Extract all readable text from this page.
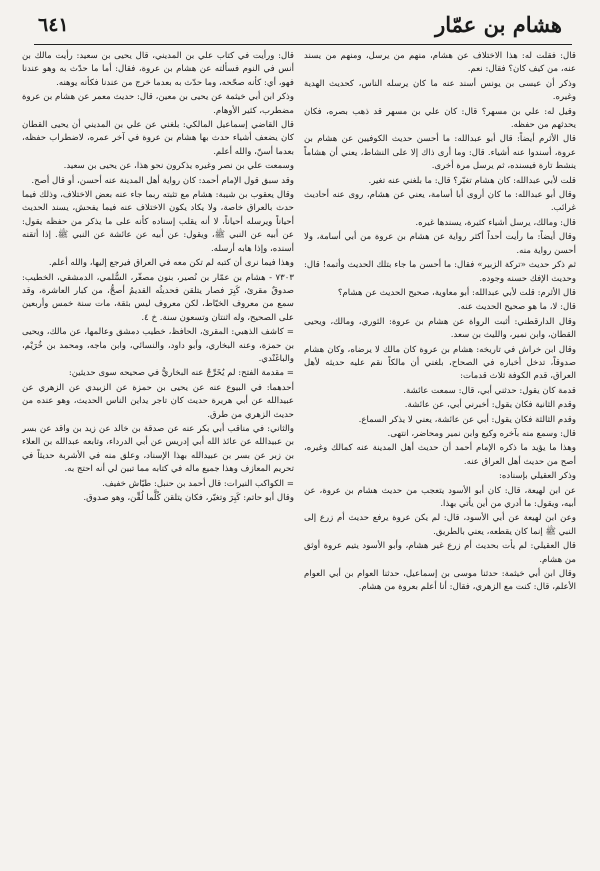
هشام بن عمّار
٦٤١

قال: فقلت له: هذا الاختلاف عن هشام، منهم من يرسل، ومنهم من يسند عنه، من كيف كان؟ فقال: نعم.

وذكر أن عيسى بن يونس أسند عنه ما كان يرسله الناس، كحديث الهدية وغيره.

وقيل له: علي بن مسهر؟ قال: كان علي بن مسهر قد ذهب بصره، فكان يحدثهم من حفظه.

قال الأثرم أيضاً: قال أبو عبدالله: ما أحسن حديث الكوفيين عن هشام بن عروة، أسندوا عنه أشياء. قال: وما أرى ذاك إلا على النشاط، يعني أن هشاماً ينشط تارة فيسنده، ثم يرسل مرة أخرى.

قلت لأبي عبدالله: كان هشام تغيّر؟ قال: ما بلغني عنه تغير.

وقال أبو عبدالله: ما كان أروى أبا أسامة، يعني عن هشام، روى عنه أحاديث غرائب.

قال: ومالك، يرسل أشياء كثيرة، يسندها غيره.

وقال أيضاً: ما رأيت أحداً أكثر رواية عن هشام بن عروة من أبي أسامة، ولا أحسن رواية منه.

ثم ذكر حديث «تركة الزبير» فقال: ما أحسن ما جاء بتلك الحديث وأتمه! قال: وحديث الإفك حسنه وجوده.

قال الأثرم: قلت لأبي عبدالله: أبو معاوية، صحيح الحديث عن هشام؟

قال: لا، ما هو صحيح الحديث عنه.

وقال الدارقطني: أثبت الرواة عن هشام بن عروة: الثوري، ومالك، ويحيى القطان، وابن نمير، والليث بن سعد.

وقال ابن خراش في تاريخه: هشام بن عروة كان مالك لا يرضاه، وكان هشام صدوقاً، تدخل أخباره في الصحاح، بلغني أن مالكاً نقم عليه حديثه لأهل العراق، قدم الكوفة ثلاث قدمات:

قدمة كان يقول: حدثني أبي، قال: سمعت عائشة.

وقدم الثانية فكان يقول: أخبرني أبي، عن عائشة.

وقدم الثالثة فكان يقول: أبي عن عائشة، يعني لا يذكر السماع.

قال: وسمع منه بآخره وكيع وابن نمير ومحاضر، انتهى.

وهذا ما يؤيد ما ذكره الإمام أحمد أن حديث أهل المدينة عنه كمالك وغيره، أصح من حديث أهل العراق عنه.

وذكر العقيلي بإسناده:

عن ابن لهيعة، قال: كان أبو الأسود يتعجب من حديث هشام بن عروة، عن أبيه، ويقول: ما أدري من أين يأتي بهذا.

وعن ابن لهيعة عن أبي الأسود، قال: لم يكن عروة يرفع حديث أم زرع إلى النبي ﷺ إنما كان يقطعه، يعني بالطريق.

قال العقيلي: لم يأت بحديث أم زرع غير هشام، وأبو الأسود يتيم عروة أوثق من هشام.

وقال ابن أبي خيثمة: حدثنا موسى بن إسماعيل، حدثنا العوام بن أبي العوام الأعلم، قال: كنت مع الزهري، فقال: أنا أعلم بعروة من هشام.

قال: ورأيت في كتاب علي بن المديني، قال يحيى بن سعيد: رأيت مالك بن أنس في النوم فسألته عن هشام بن عروة، فقال: أما ما حدّث به وهو عندنا فهو، أي: كأنه صحّحه، وما حدّث به بعدما خرج من عندنا فكأنه يوهنه.

وذكر ابن أبي خيثمة عن يحيى بن معين، قال: حديث معمر عن هشام بن عروة مضطرب، كثير الأوهام.

قال القاضي إسماعيل المالكي: بلغني عن علي بن المديني أن يحيى القطان كان يضعف أشياء حدث بها هشام بن عروة في آخر عمره، لاضطراب حفظه، بعدما أسنّ، والله أعلم.

وسمعت علي بن نصر وغيره يذكرون نحو هذا، عن يحيى بن سعيد.

وقد سبق قول الإمام أحمد: كان رواية أهل المدينة عنه أحسن، أو قال أصح.

وقال يعقوب بن شيبة: هشام مع تثبته ربما جاء عنه بعض الاختلاف، وذلك فيما حدث بالعراق خاصة، ولا يكاد يكون الاختلاف عنه فيما يفحش، يسند الحديث أحياناً ويرسله أحياناً، لا أنه يقلب إسناده كأنه على ما يذكر من حفظه يقول: عن أبيه عن النبي ﷺ، ويقول: عن أبيه عن عائشة عن النبي ﷺ. إذا أتقنه أسنده، وإذا هابه أرسله.

وهذا فيما نرى أن كتبه لم تكن معه في العراق فيرجع إليها، والله أعلم.

٧٣٠٣ - هشام بن عمّار بن نُصير، بنون مصغّر، السُّلمي، الدمشقي، الخطيب: صدوقٌ مقرئ، كَبِرَ فصار يتلقن فحديثُه القديمُ أصحُّ، من كبار العاشرة، وقد سمع من معروف الخيّاط، لكن معروف ليس بثقة، مات سنة خمس وأربعين على الصحيح، وله اثنتان وتسعون سنة. خ ٤.

= كاشف الذهبي: المقرئ، الحافظ، خطيب دمشق وعالمها، عن مالك، ويحيى بن حمزة، وعنه البخاري، وأبو داود، والنسائي، وابن ماجه، ومحمد بن خُرَيْم، والباغَنْدي.

= مقدمة الفتح: لم يُخَرِّجْ عنه البخاريُّ في صحيحه سوى حديثين:

أحدهما: في البيوع عنه عن يحيى بن حمزة عن الزبيدي عن الزهري عن عبيدالله عن أبي هريرة حديث كان تاجر يداين الناس الحديث، وهو عنده من حديث الزهري من طرق.

والثاني: في مناقب أبي بكر عنه عن صدقة بن خالد عن زيد بن واقد عن بسر بن عبيدالله عن عائذ الله أبي إدريس عن أبي الدرداء، وتابعه عبدالله بن العلاء بن زبر عن بسر بن عبيدالله بهذا الإسناد، وعلق منه في الأشربة حديثاً في تحريم المعازف وهذا جميع ماله في كتابه مما تبين لي أنه احتج به.

= الكواكب النيرات: قال أحمد بن حنبل: طيّاش خفيف.

وقال أبو حاتم: كَبِرَ وتغيّر، فكان يتلقن كُلَّما لُقِّن، وهو صدوق.
